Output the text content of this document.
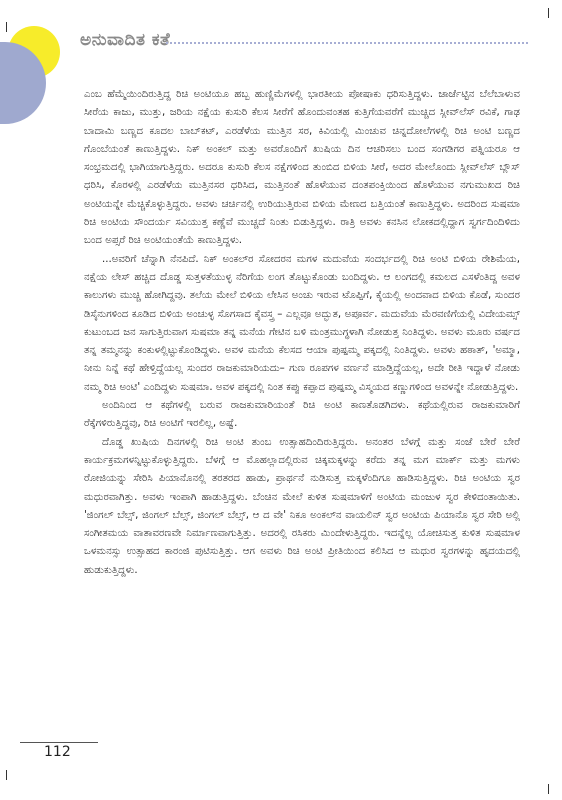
ಅನುವಾದಿತ ಕತೆ

ಎಂಬ ಹೆಮ್ಮೆಯಿಂದಿರುತ್ತಿದ್ದ ರಿಚಿ ಅಂಟಿಯೂ ಹಬ್ಬ ಹುಣ್ಣಿಮೆಗಳಲ್ಲಿ ಭಾರತೀಯ ಪೋಷಾಕು ಧರಿಸುತ್ತಿದ್ದಳು. ಜಾರ್ಜೆಟ್ಟಿನ ಬೆಲೆಬಾಳುವ ಸೀರೆಯ ಕಾಜು, ಮುತ್ತು, ಜರಿಯ ನಕ್ಷೆಯ ಕುಸುರಿ ಕೆಲಸ ಸೀರೆಗೆ ಹೊಂದುವಂತಹ ಕುತ್ತಿಗೆಯವರೆಗೆ ಮುಚ್ಚಿದ ಸ್ಲೀವ್‌ಲೆಸ್ ರವಿಕೆ, ಗಾಢ ಬಾದಾಮಿ ಬಣ್ಣದ ಕೂದಲ ಬಾಬ್‌ಕಟ್, ಎರಡೆಳೆಯ ಮುತ್ತಿನ ಸರ, ಕಿವಿಯಲ್ಲಿ ಮಿಂಚುವ ಚಿನ್ನದೋಲೆಗಳಲ್ಲಿ ರಿಚಿ ಅಂಟಿ ಬಣ್ಣದ ಗೊಂಬೆಯಂತೆ ಕಾಣುತ್ತಿದ್ದಳು. ನಿಕ್ ಅಂಕಲ್ ಮತ್ತು ಅವರೊಂದಿಗೆ ಖುಷಿಯ ದಿನ ಆಚರಿಸಲು ಬಂದ ಸಂಗಡಿಗರ ಪತ್ನಿಯರೂ ಆ ಸಂಭ್ರಮದಲ್ಲಿ ಭಾಗಿಯಾಗುತ್ತಿದ್ದರು. ಅದರೂ ಕುಸುರಿ ಕೆಲಸ ನಕ್ಷೆಗಳಿಂದ ತುಂಬಿದ ಬಿಳಿಯ ಸೀರೆ, ಅದರ ಮೇಲೊಂದು ಸ್ಲೀವ್‌ಲೆಸ್ ಬ್ಲೌಸ್ ಧರಿಸಿ, ಕೊರಳಲ್ಲಿ ಎರಡೆಳೆಯ ಮುತ್ತಿನಸರ ಧರಿಸಿದ, ಮುತ್ತಿನಂತೆ ಹೊಳೆಯುವ ದಂತಪಂಕ್ತಿಯಿಂದ ಹೊಳೆಯುವ ನಗುಮುಖದ ರಿಚಿ ಅಂಟಿಯನ್ನೇ ಮೆಚ್ಚಿಕೊಳ್ಳುತ್ತಿದ್ದರು. ಅವಳು ಚರ್ಚಿನಲ್ಲಿ ಉರಿಯುತ್ತಿರುವ ಬಿಳಿಯ ಮೇಣದ ಬತ್ತಿಯಂತೆ ಕಾಣುತ್ತಿದ್ದಳು. ಅದರಿಂದ ಸುಷಮಾ ರಿಚಿ ಅಂಟಿಯ ಸೌಂದರ್ಯ ಸವಿಯುತ್ತ ಕಣ್ಣೆವೆ ಮುಚ್ಚದೆ ನಿಂತು ಬಿಡುತ್ತಿದ್ದಳು. ರಾತ್ರಿ ಅವಳು ಕನಸಿನ ಲೋಕದಲ್ಲಿದ್ದಾಗ ಸ್ವರ್ಗದಿಂದಿಳಿದು ಬಂದ ಅಪ್ಸರೆ ರಿಚಿ ಅಂಟಿಯಂತೆಯೆ ಕಾಣುತ್ತಿದ್ದಳು.

...ಅವರಿಗೆ ಚೆನ್ನಾಗಿ ನೆನಪಿದೆ. ನಿಕ್ ಅಂಕಲ್‌ರ ಸೋದರನ ಮಗಳ ಮದುವೆಯ ಸಂದರ್ಭದಲ್ಲಿ ರಿಚಿ ಅಂಟಿ ಬಿಳಿಯ ರೇಶಿಮೆಯ, ನಕ್ಷೆಯ ಲೇಸ್ ಹಚ್ಚಿದ ದೊಡ್ಡ ಸುತ್ತಳತೆಯುಳ್ಳ ನೆರಿಗೆಯ ಲಂಗ ತೊಟ್ಟುಕೊಂಡು ಬಂದಿದ್ದಳು. ಆ ಲಂಗದಲ್ಲಿ ಕಮಲದ ಎಸಳೆಂತಿದ್ದ ಅವಳ ಕಾಲುಗಳು ಮುಚ್ಚಿ ಹೋಗಿದ್ದವು. ತಲೆಯ ಮೇಲೆ ಬಿಳಿಯ ಲೇಸಿನ ಅಂಚು ಇರುವ ಟೊಪ್ಪಿಗೆ, ಕೈಯಲ್ಲಿ ಅಂದವಾದ ಬಿಳಿಯ ಕೊಡೆ, ಸುಂದರ ಡಿಸೈನುಗಳಿಂದ ಕೂಡಿದ ಬಿಳಿಯ ಅಂಚುಳ್ಳ ಸೊಗಸಾದ ಕೈವಸ್ತ್ರ – ಎಲ್ಲವೂ ಅದ್ಭುತ, ಅಪೂರ್ವ. ಮದುವೆಯ ಮೆರವಣಿಗೆಯಲ್ಲಿ ವಿದೇಯಮ್ಸ್ ಕುಟುಂಬದ ಜನ ಸಾಗುತ್ತಿರುವಾಗ ಸುಷಮಾ ತನ್ನ ಮನೆಯ ಗೇಟಿನ ಬಳಿ ಮಂತ್ರಮುಗ್ಧಳಾಗಿ ನೋಡುತ್ತ ನಿಂತಿದ್ದಳು. ಅವಳು ಮೂರು ವರ್ಷದ ತನ್ನ ತಮ್ಮನನ್ನು ಕಂಕುಳಲ್ಲಿಟ್ಟುಕೊಂಡಿದ್ದಳು. ಅವಳ ಮನೆಯ ಕೆಲಸದ ಆಯಾ ಪುಷ್ಪಮ್ಮ ಪಕ್ಕದಲ್ಲಿ ನಿಂತಿದ್ದಳು. ಅವಳು ಹಠಾತ್, 'ಅಮ್ಮಾ, ನೀನು ನಿನ್ನೆ ಕಥೆ ಹೇಳ್ತಿದ್ದೆಯಲ್ಲ ಸುಂದರ ರಾಜಕುಮಾರಿಯದು– ಗುಣ ರೂಪಗಳ ವರ್ಣನೆ ಮಾಡ್ತಿದ್ದೆಯಲ್ಲ, ಅದೇ ರೀತಿ ಇದ್ದಾಳೆ ನೋಡು ನಮ್ಮ ರಿಚಿ ಅಂಟಿ' ಎಂದಿದ್ದಳು ಸುಷಮಾ. ಅವಳ ಪಕ್ಕದಲ್ಲಿ ನಿಂತ ಕಪ್ಪು ಕಪ್ಪಾದ ಪುಷ್ಪಮ್ಮ ವಿಸ್ಮಯದ ಕಣ್ಣುಗಳಿಂದ ಅವಳನ್ನೇ ನೋಡುತ್ತಿದ್ದಳು.

ಅಂದಿನಿಂದ ಆ ಕಥೆಗಳಲ್ಲಿ ಬರುವ ರಾಜಕುಮಾರಿಯಂತೆ ರಿಚಿ ಅಂಟಿ ಕಾಣತೊಡಗಿದಳು. ಕಥೆಯಲ್ಲಿರುವ ರಾಜಕುಮಾರಿಗೆ ರೆಕ್ಕೆಗಳಿರುತ್ತಿದ್ದವು, ರಿಚಿ ಅಂಟಿಗೆ ಇರಲಿಲ್ಲ, ಅಷ್ಟೆ.

ದೊಡ್ಡ ಖುಷಿಯ ದಿನಗಳಲ್ಲಿ ರಿಚಿ ಅಂಟಿ ತುಂಬ ಉತ್ಸಾಹದಿಂದಿರುತ್ತಿದ್ದರು. ಅನಂತರ ಬೆಳಗ್ಗೆ ಮತ್ತು ಸಂಜೆ ಬೇರೆ ಬೇರೆ ಕಾರ್ಯಕ್ರಮಗಳನ್ನಿಟ್ಟುಕೊಳ್ಳುತ್ತಿದ್ದರು. ಬೆಳಗ್ಗೆ ಆ ಮೊಹಲ್ಲಾದಲ್ಲಿರುವ ಚಿಕ್ಕಮಕ್ಕಳನ್ನು ಕರೆದು ತನ್ನ ಮಗ ಮಾರ್ಕ್ ಮತ್ತು ಮಗಳು ರೋಜಿಯನ್ನು ಸೇರಿಸಿ ಪಿಯಾನೊನಲ್ಲಿ ತರತರದ ಹಾಡು, ಪ್ರಾರ್ಥನೆ ನುಡಿಸುತ್ತ ಮಕ್ಕಳೆಂದಿಗೂ ಹಾಡಿಸುತ್ತಿದ್ದಳು. ರಿಚಿ ಅಂಟಿಯ ಸ್ವರ ಮಧುರವಾಗಿತ್ತು. ಅವಳು ಇಂಪಾಗಿ ಹಾಡುತ್ತಿದ್ದಳು. ಬೆಂಚಿನ ಮೇಲೆ ಕುಳಿತ ಸುಷಮಾಳಿಗೆ ಅಂಟಿಯ ಮಂಜುಳ ಸ್ವರ ಕೇಳಿದಂತಾಯಿತು. 'ಜಿಂಗಲ್ ಬೆಲ್ಸ್, ಜಿಂಗಲ್ ಬೆಲ್ಸ್, ಜಿಂಗಲ್ ಬೆಲ್ಸ್, ಆ ದ ವೇ' ನಿಕೂ ಅಂಕಲ್‌ನ ವಾಯಲಿನ್ ಸ್ವರ ಅಂಟಿಯ ಪಿಯಾನೊ ಸ್ವರ ಸೇರಿ ಅಲ್ಲಿ ಸಂಗೀತಮಯ ವಾತಾವರಣವೇ ನಿರ್ಮಾಣವಾಗುತ್ತಿತ್ತು. ಅದರಲ್ಲಿ ರಸಿಕರು ಮಿಂದೇಳುತ್ತಿದ್ದರು. ಇದನ್ನೆಲ್ಲ ಯೋಚಿಸುತ್ತ ಕುಳಿತ ಸುಷಮಾಳ ಒಳಮನಸ್ಸು ಉತ್ಸಾಹದ ಕಾರಂಜಿ ಪುಟಿಸುತ್ತಿತ್ತು. ಆಗ ಅವಳು ರಿಚಿ ಅಂಟಿ ಪ್ರೀತಿಯಿಂದ ಕಲಿಸಿದ ಆ ಮಧುರ ಸ್ವರಗಳನ್ನು ಹೃದಯದಲ್ಲಿ ಹುಡುಕುತ್ತಿದ್ದಳು.

112
